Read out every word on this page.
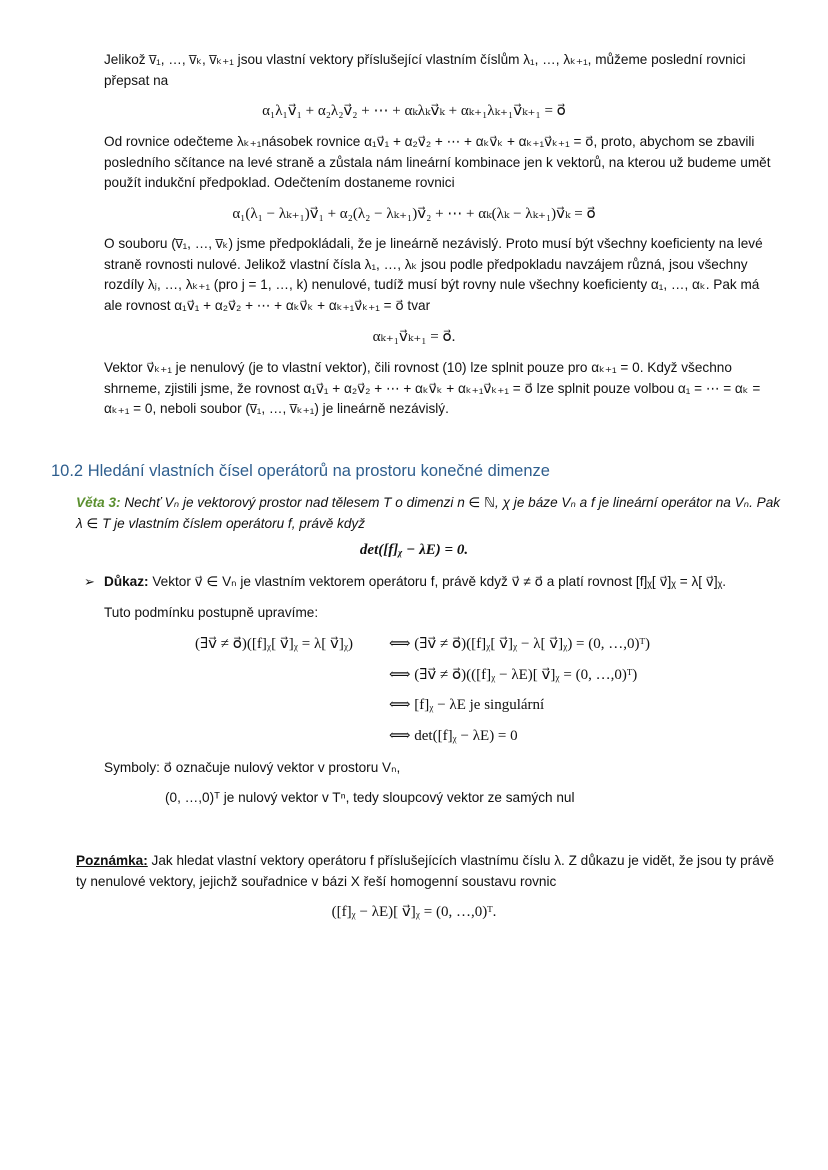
Jelikož v̅₁, …, v̅ₖ, v̅ₖ₊₁ jsou vlastní vektory příslušející vlastním číslům λ₁, …, λₖ₊₁, můžeme poslední rovnici přepsat na

α₁λ₁v⃗₁ + α₂λ₂v⃗₂ + ⋯ + αₖλₖv⃗ₖ + αₖ₊₁λₖ₊₁v⃗ₖ₊₁ = o⃗

Od rovnice odečteme λₖ₊₁násobek rovnice α₁v⃗₁ + α₂v⃗₂ + ⋯ + αₖv⃗ₖ + αₖ₊₁v⃗ₖ₊₁ = o⃗, proto, abychom se zbavili posledního sčítance na levé straně a zůstala nám lineární kombinace jen k vektorů, na kterou už budeme umět použít indukční předpoklad. Odečtením dostaneme rovnici

α₁(λ₁ − λₖ₊₁)v⃗₁ + α₂(λ₂ − λₖ₊₁)v⃗₂ + ⋯ + αₖ(λₖ − λₖ₊₁)v⃗ₖ = o⃗

O souboru (v̅₁, …, v̅ₖ) jsme předpokládali, že je lineárně nezávislý. Proto musí být všechny koeficienty na levé straně rovnosti nulové. Jelikož vlastní čísla λ₁, …, λₖ jsou podle předpokladu navzájem různá, jsou všechny rozdíly λⱼ, …, λₖ₊₁ (pro j = 1, …, k) nenulové, tudíž musí být rovny nule všechny koeficienty α₁, …, αₖ. Pak má ale rovnost α₁v⃗₁ + α₂v⃗₂ + ⋯ + αₖv⃗ₖ + αₖ₊₁v⃗ₖ₊₁ = o⃗ tvar

αₖ₊₁v⃗ₖ₊₁ = o⃗.

Vektor v⃗ₖ₊₁ je nenulový (je to vlastní vektor), čili rovnost (10) lze splnit pouze pro αₖ₊₁ = 0. Když všechno shrneme, zjistili jsme, že rovnost α₁v⃗₁ + α₂v⃗₂ + ⋯ + αₖv⃗ₖ + αₖ₊₁v⃗ₖ₊₁ = o⃗ lze splnit pouze volbou α₁ = ⋯ = αₖ = αₖ₊₁ = 0, neboli soubor (v̅₁, …, v̅ₖ₊₁) je lineárně nezávislý.

10.2 Hledání vlastních čísel operátorů na prostoru konečné dimenze
Věta 3: Nechť Vₙ je vektorový prostor nad tělesem T o dimenzi n ∈ ℕ, χ je báze Vₙ a f je lineární operátor na Vₙ. Pak λ ∈ T je vlastním číslem operátoru f, právě když
det([f]ᵪ − λE) = 0.
➢ Důkaz: Vektor v⃗ ∈ Vₙ je vlastním vektorem operátoru f, právě když v⃗ ≠ o⃗ a platí rovnost [f]ᵪ[ v⃗]ᵪ = λ[ v⃗]ᵪ.
Tuto podmínku postupně upravíme:
(∃v⃗ ≠ o⃗)([f]ᵪ[ v⃗]ᵪ = λ[ v⃗]ᵪ) ⟺ (∃v⃗ ≠ o⃗)([f]ᵪ[ v⃗]ᵪ − λ[ v⃗]ᵪ) = (0, …,0)ᵀ)
⟺ (∃v⃗ ≠ o⃗)(([f]ᵪ − λE)[ v⃗]ᵪ = (0, …,0)ᵀ)
⟺ [f]ᵪ − λE je singulární
⟺ det([f]ᵪ − λE) = 0
Symboly: o⃗ označuje nulový vektor v prostoru Vₙ,
(0, …,0)ᵀ je nulový vektor v Tⁿ, tedy sloupcový vektor ze samých nul
Poznámka: Jak hledat vlastní vektory operátoru f příslušejících vlastnímu číslu λ. Z důkazu je vidět, že jsou ty právě ty nenulové vektory, jejichž souřadnice v bázi X řeší homogenní soustavu rovnic
([f]ᵪ − λE)[ v⃗]ᵪ = (0, …,0)ᵀ.
